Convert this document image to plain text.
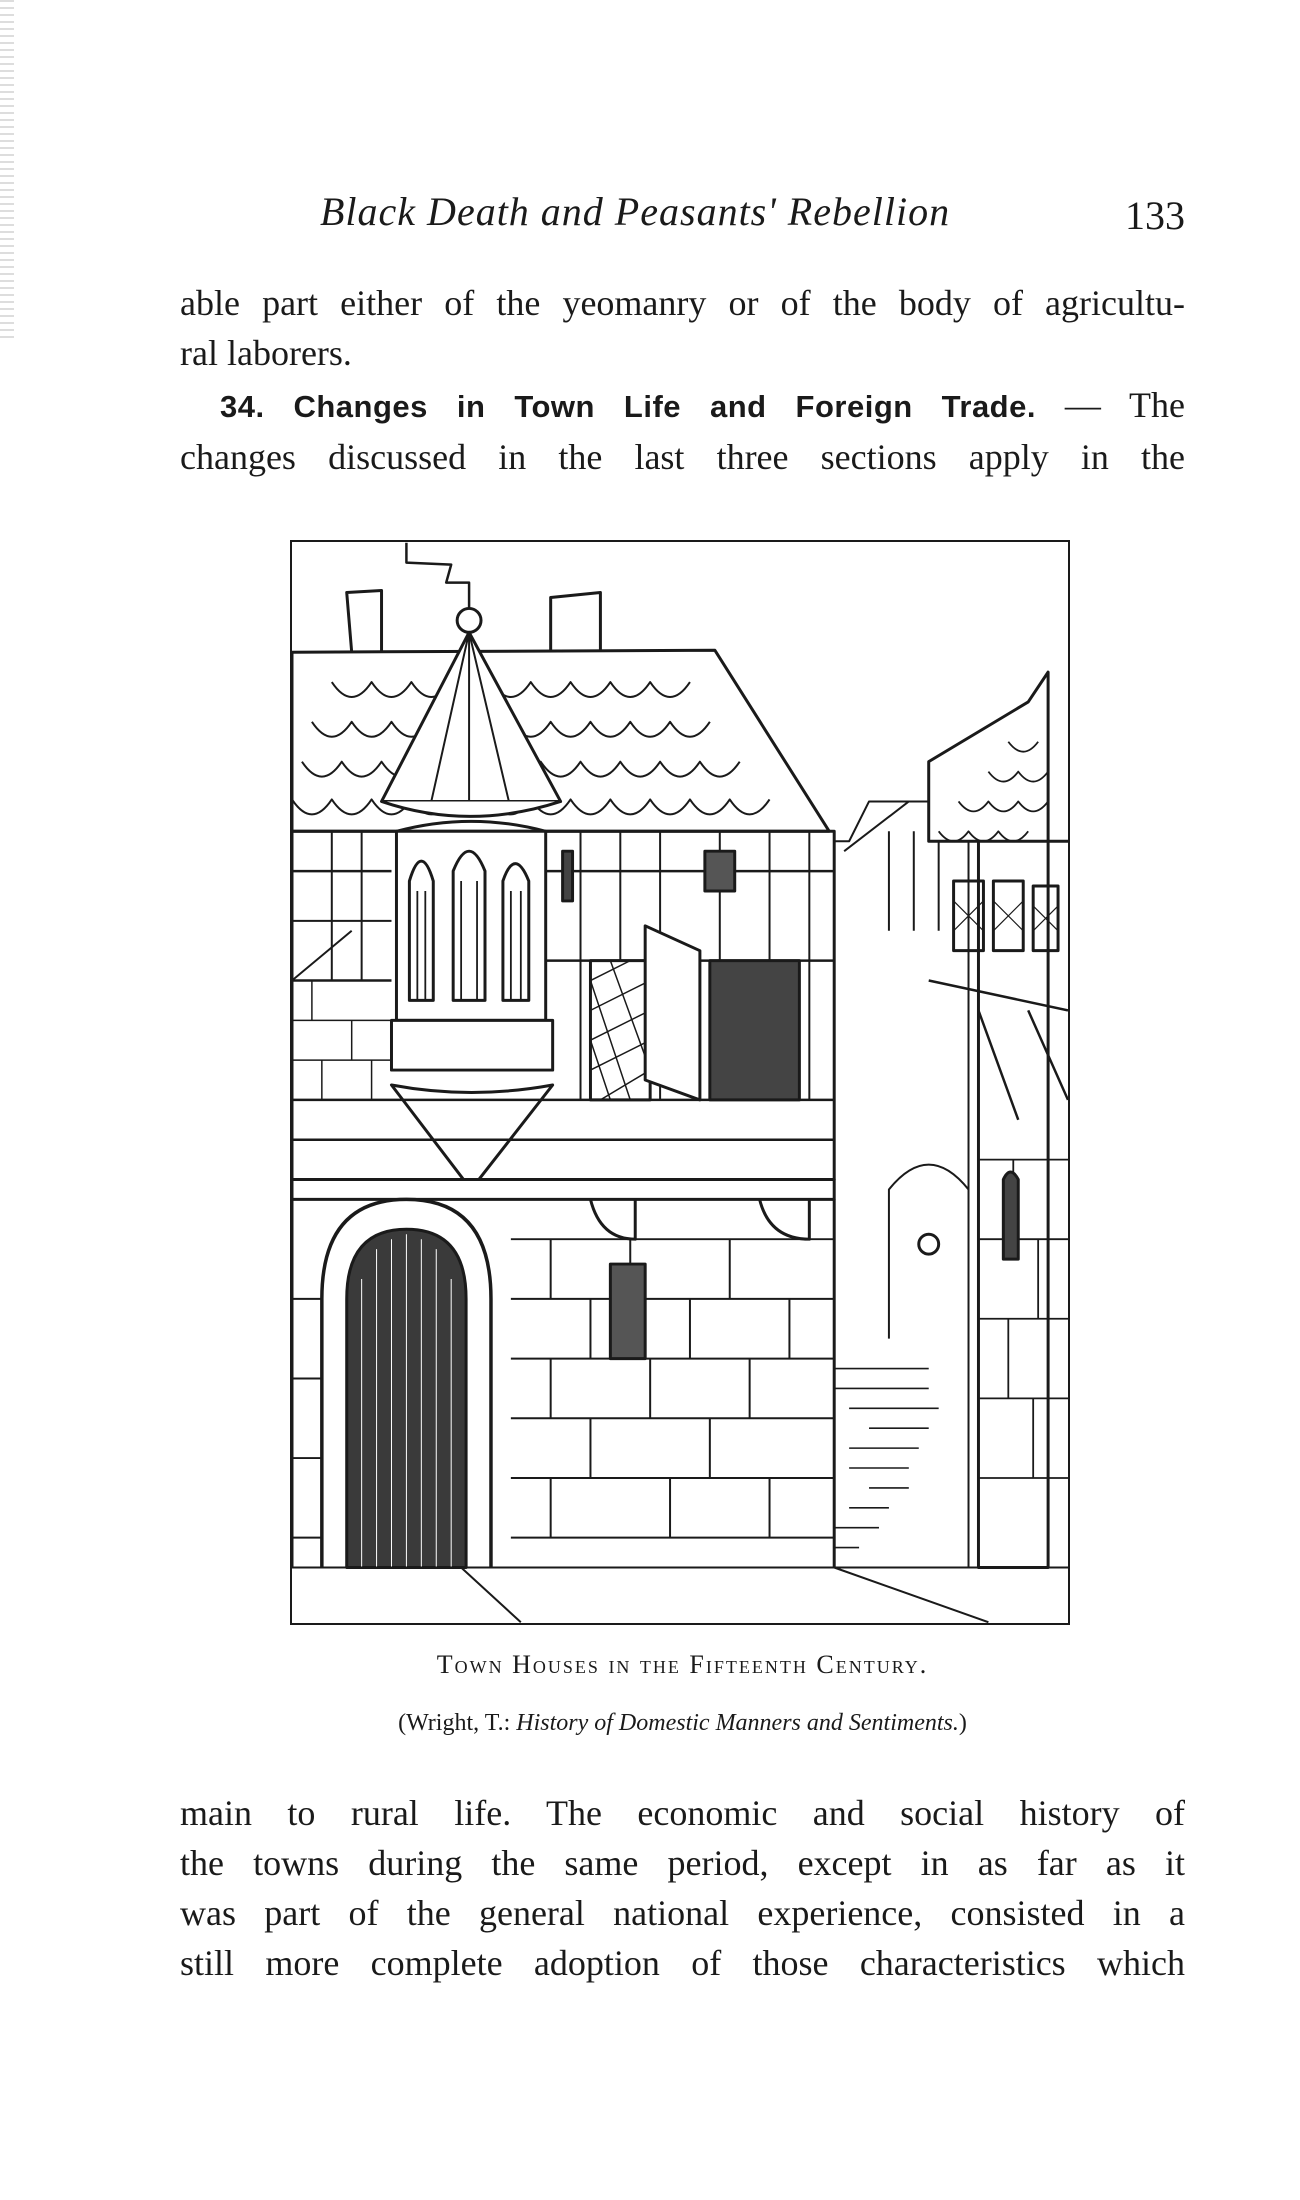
Black Death and Peasants' Rebellion	133
able part either of the yeomanry or of the body of agricultu-
ral laborers.
34. Changes in Town Life and Foreign Trade. — The
changes discussed in the last three sections apply in the
Town Houses in the Fifteenth Century.
(Wright, T.: History of Domestic Manners and Sentiments.)
main to rural life. The economic and social history of
the towns during the same period, except in as far as it
was part of the general national experience, consisted in a
still more complete adoption of those characteristics which
